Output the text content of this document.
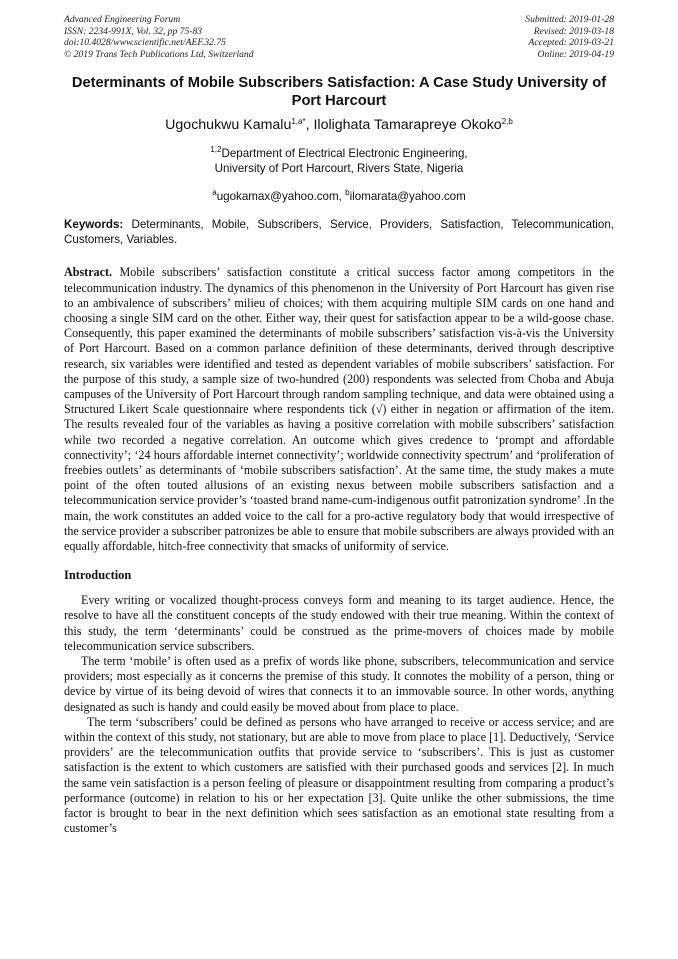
Advanced Engineering Forum
ISSN: 2234-991X, Vol. 32, pp 75-83
doi:10.4028/www.scientific.net/AEF.32.75
© 2019 Trans Tech Publications Ltd, Switzerland
Submitted: 2019-01-28
Revised: 2019-03-18
Accepted: 2019-03-21
Online: 2019-04-19
Determinants of Mobile Subscribers Satisfaction: A Case Study University of Port Harcourt
Ugochukwu Kamalu$^{1,a*}$, Ilolighata Tamarapreye Okoko$^{2,b}$
$^{1,2}$Department of Electrical Electronic Engineering,
University of Port Harcourt, Rivers State, Nigeria
$^a$ugokamax@yahoo.com, $^b$ilomarata@yahoo.com
Keywords: Determinants, Mobile, Subscribers, Service, Providers, Satisfaction, Telecommunication, Customers, Variables.
Abstract. Mobile subscribers’ satisfaction constitute a critical success factor among competitors in the telecommunication industry. The dynamics of this phenomenon in the University of Port Harcourt has given rise to an ambivalence of subscribers’ milieu of choices; with them acquiring multiple SIM cards on one hand and choosing a single SIM card on the other. Either way, their quest for satisfaction appear to be a wild-goose chase. Consequently, this paper examined the determinants of mobile subscribers’ satisfaction vis-à-vis the University of Port Harcourt. Based on a common parlance definition of these determinants, derived through descriptive research, six variables were identified and tested as dependent variables of mobile subscribers’ satisfaction. For the purpose of this study, a sample size of two-hundred (200) respondents was selected from Choba and Abuja campuses of the University of Port Harcourt through random sampling technique, and data were obtained using a Structured Likert Scale questionnaire where respondents tick (√) either in negation or affirmation of the item. The results revealed four of the variables as having a positive correlation with mobile subscribers’ satisfaction while two recorded a negative correlation. An outcome which gives credence to ‘prompt and affordable connectivity’; ‘24 hours affordable internet connectivity’; worldwide connectivity spectrum’ and ‘proliferation of freebies outlets’ as determinants of ‘mobile subscribers satisfaction’. At the same time, the study makes a mute point of the often touted allusions of an existing nexus between mobile subscribers satisfaction and a telecommunication service provider’s ‘toasted brand name-cum-indigenous outfit patronization syndrome’ .In the main, the work constitutes an added voice to the call for a pro-active regulatory body that would irrespective of the service provider a subscriber patronizes be able to ensure that mobile subscribers are always provided with an equally affordable, hitch-free connectivity that smacks of uniformity of service.
Introduction
Every writing or vocalized thought-process conveys form and meaning to its target audience. Hence, the resolve to have all the constituent concepts of the study endowed with their true meaning. Within the context of this study, the term ‘determinants’ could be construed as the prime-movers of choices made by mobile telecommunication service subscribers.
The term ‘mobile’ is often used as a prefix of words like phone, subscribers, telecommunication and service providers; most especially as it concerns the premise of this study. It connotes the mobility of a person, thing or device by virtue of its being devoid of wires that connects it to an immovable source. In other words, anything designated as such is handy and could easily be moved about from place to place.
The term ‘subscribers’ could be defined as persons who have arranged to receive or access service; and are within the context of this study, not stationary, but are able to move from place to place [1]. Deductively, ‘Service providers’ are the telecommunication outfits that provide service to ‘subscribers’. This is just as customer satisfaction is the extent to which customers are satisfied with their purchased goods and services [2]. In much the same vein satisfaction is a person feeling of pleasure or disappointment resulting from comparing a product’s performance (outcome) in relation to his or her expectation [3]. Quite unlike the other submissions, the time factor is brought to bear in the next definition which sees satisfaction as an emotional state resulting from a customer’s
